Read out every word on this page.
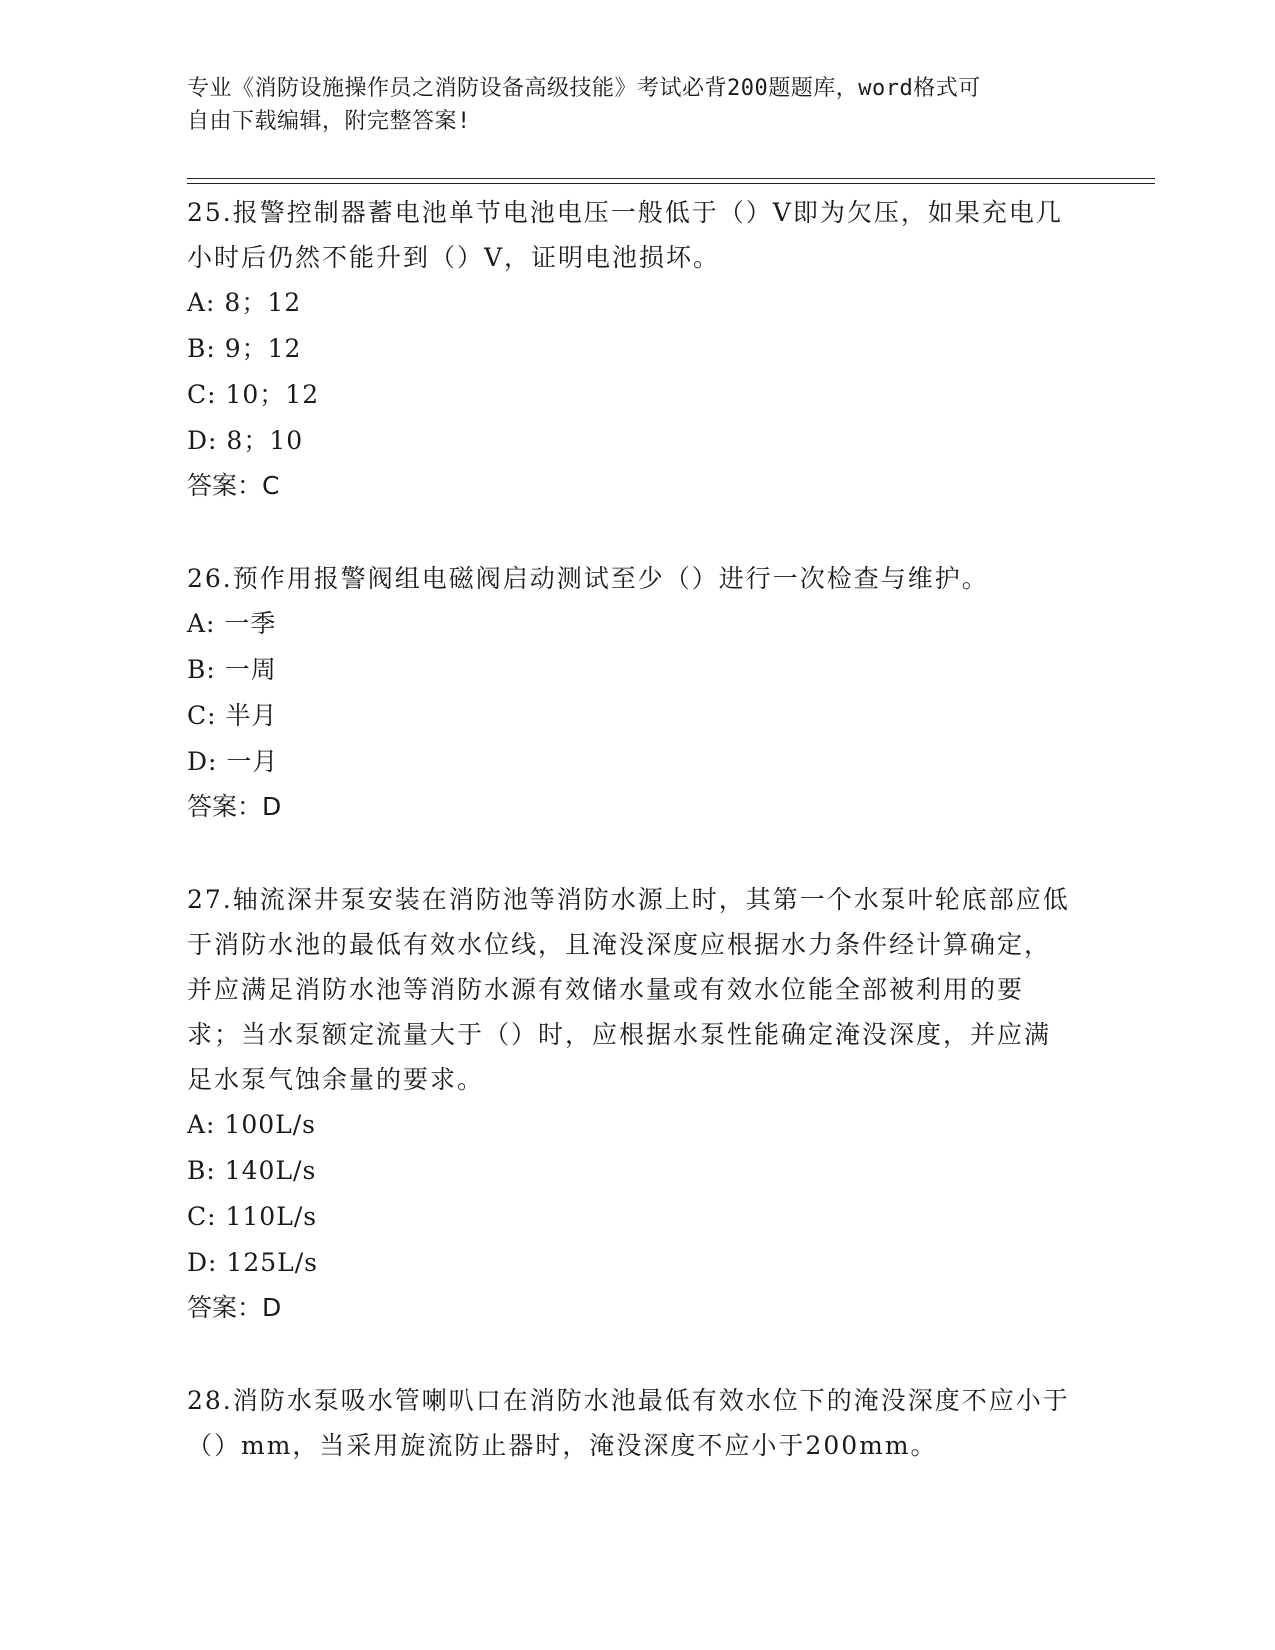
专业《消防设施操作员之消防设备高级技能》考试必背200题题库，word格式可
自由下载编辑，附完整答案!

25.报警控制器蓄电池单节电池电压一般低于（）V即为欠压，如果充电几小时后仍然不能升到（）V，证明电池损坏。

A: 8；12

B: 9；12

C: 10；12

D: 8；10

答案：C

26.预作用报警阀组电磁阀启动测试至少（）进行一次检查与维护。

A: 一季

B: 一周

C: 半月

D: 一月

答案：D

27.轴流深井泵安装在消防池等消防水源上时，其第一个水泵叶轮底部应低于消防水池的最低有效水位线，且淹没深度应根据水力条件经计算确定，并应满足消防水池等消防水源有效储水量或有效水位能全部被利用的要求；当水泵额定流量大于（）时，应根据水泵性能确定淹没深度，并应满足水泵气蚀余量的要求。

A: 100L/s

B: 140L/s

C: 110L/s

D: 125L/s

答案：D

28.消防水泵吸水管喇叭口在消防水池最低有效水位下的淹没深度不应小于（）mm，当采用旋流防止器时，淹没深度不应小于200mm。
